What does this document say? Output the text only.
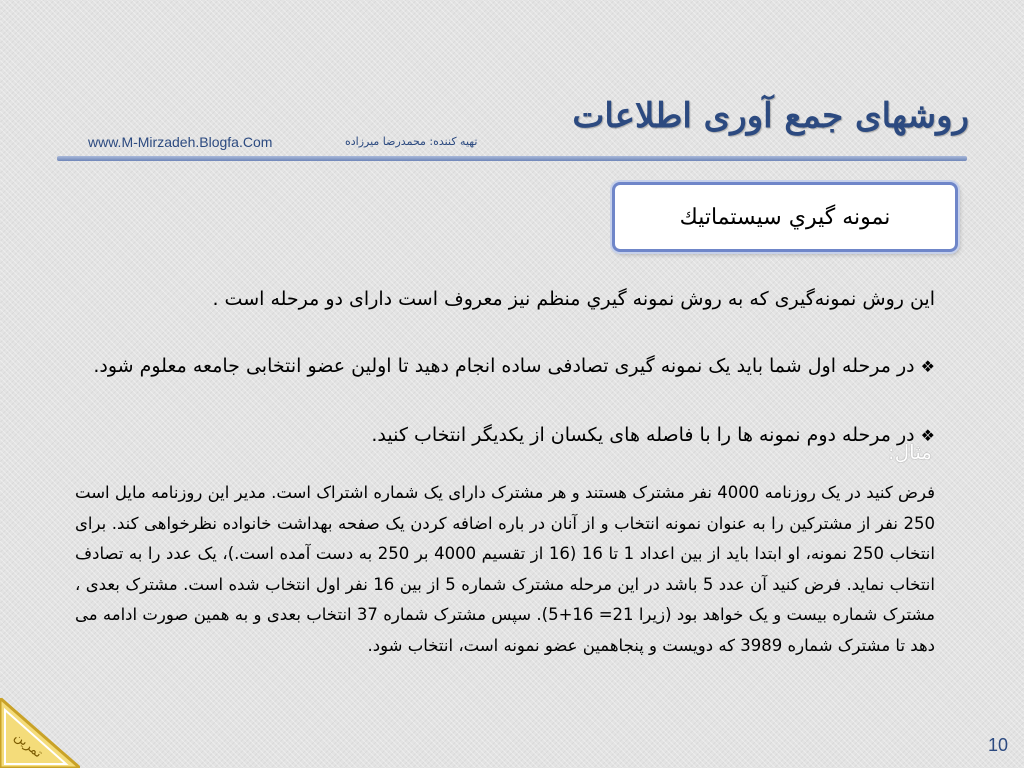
روشهای جمع آوری اطلاعات
تهیه کننده: محمدرضا میرزاده
www.M-Mirzadeh.Blogfa.Com
نمونه گيري سيستماتيك
اين روش نمونه‌گیری که به روش نمونه گيري منظم نيز معروف است دارای دو مرحله است .
❖ در مرحله اول شما باید یک نمونه گیری تصادفی ساده انجام دهید تا اولین عضو انتخابی جامعه معلوم شود.
❖ در مرحله دوم نمونه ها را با فاصله های یکسان از یکدیگر انتخاب کنید.
مثال:
فرض کنید در یک روزنامه 4000 نفر مشترک هستند و هر مشترک دارای یک شماره اشتراک است. مدیر این روزنامه مایل است 250 نفر از مشترکین را به عنوان نمونه انتخاب و از آنان در باره اضافه کردن یک صفحه بهداشت خانواده نظرخواهی کند. برای انتخاب 250 نمونه، او ابتدا باید از بین اعداد 1 تا 16 (16 از تقسیم 4000 بر 250 به دست آمده است.)، یک عدد را به تصادف انتخاب نماید. فرض کنید آن عدد 5 باشد در این مرحله مشترک شماره 5 از بین 16 نفر اول انتخاب شده است. مشترک بعدی ، مشترک شماره بیست و یک خواهد بود (زیرا 21= 16+5). سپس مشترک شماره 37 انتخاب بعدی و به همین صورت ادامه می دهد تا مشترک شماره 3989 که دویست و پنجاهمین عضو نمونه است، انتخاب شود.
تمرین	10
